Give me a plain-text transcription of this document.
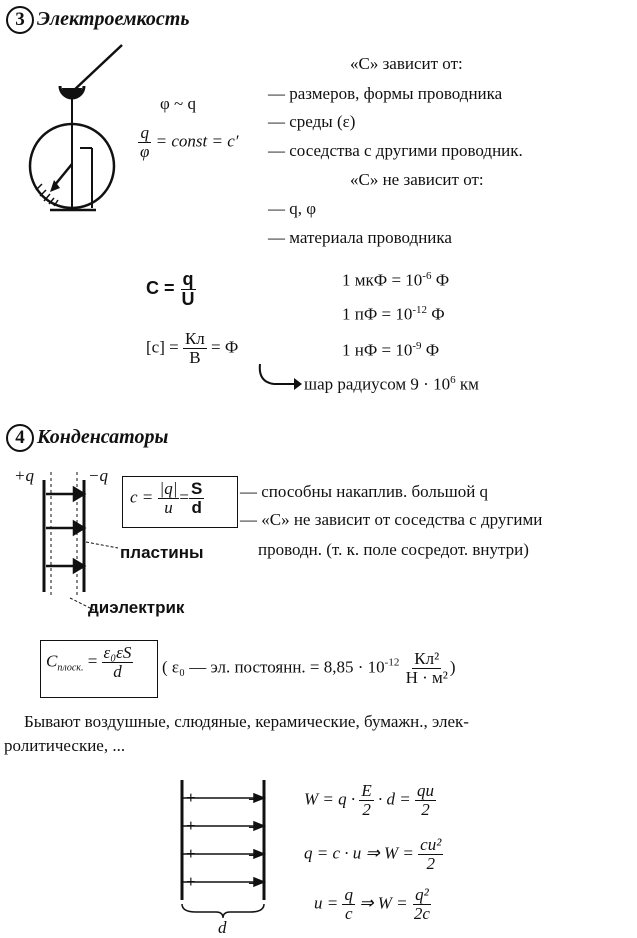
3 Электроемкость
φ ~ q
$\frac{q}{\varphi}$ = const = c′
«C» зависит от:
— размеров, формы проводника
— среды (ε)
— соседства с другими проводник.
«C» не зависит от:
— q, φ
— материала проводника
$C = \frac{q}{U}$
$[c] = \frac{Кл}{В} = Ф$
1 мкФ = $10^{-6}$ Ф
1 пФ = $10^{-12}$ Ф
1 нФ = $10^{-9}$ Ф
шар радиусом $9 \cdot 10^6$ км
4 Конденсаторы
+q	−q
пластины
диэлектрик
$c = \frac{|q|}{u} = \frac{S}{d}$ — способны накаплив. большой q
— «C» не зависит от соседства с другими
проводн. (т. к. поле сосредот. внутри)
$C_{плоск.} = \frac{\text{ε₀εS}}{d}$ ( ε₀ — эл. постоянн. = $8,85 \cdot 10^{-12} \frac{\text{Кл²}}{\text{Н · м²}}$ )
Бывают воздушные, слюдяные, керамические, бумажн., элек-
ролитические, ...
+
+
+
+
−
−
−
−
d
$W = q \cdot \frac{E}{2} \cdot d = \frac{qu}{2}$
q = c · u ⇒ $W = \frac{\text{cu²}}{2}$
$u = \frac{q}{c}$ ⇒ $W = \frac{\text{q²}}{2c}$
